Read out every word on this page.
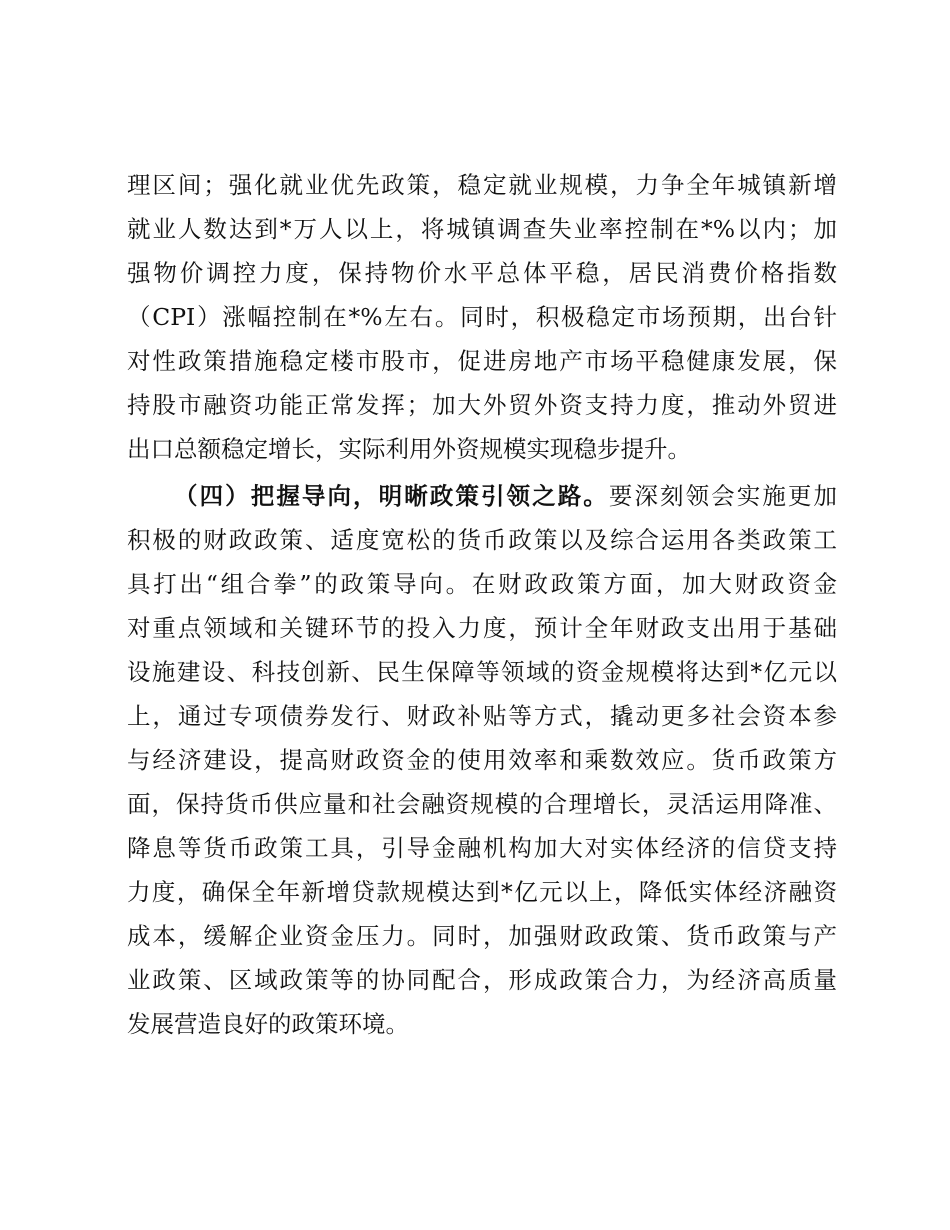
理区间；强化就业优先政策，稳定就业规模，力争全年城镇新增
就业人数达到*万人以上，将城镇调查失业率控制在*%以内；加
强物价调控力度，保持物价水平总体平稳，居民消费价格指数
（CPI）涨幅控制在*%左右。同时，积极稳定市场预期，出台针
对性政策措施稳定楼市股市，促进房地产市场平稳健康发展，保
持股市融资功能正常发挥；加大外贸外资支持力度，推动外贸进
出口总额稳定增长，实际利用外资规模实现稳步提升。
（四）把握导向，明晰政策引领之路。要深刻领会实施更加
积极的财政政策、适度宽松的货币政策以及综合运用各类政策工
具打出“组合拳”的政策导向。在财政政策方面，加大财政资金
对重点领域和关键环节的投入力度，预计全年财政支出用于基础
设施建设、科技创新、民生保障等领域的资金规模将达到*亿元以
上，通过专项债券发行、财政补贴等方式，撬动更多社会资本参
与经济建设，提高财政资金的使用效率和乘数效应。货币政策方
面，保持货币供应量和社会融资规模的合理增长，灵活运用降准、
降息等货币政策工具，引导金融机构加大对实体经济的信贷支持
力度，确保全年新增贷款规模达到*亿元以上，降低实体经济融资
成本，缓解企业资金压力。同时，加强财政政策、货币政策与产
业政策、区域政策等的协同配合，形成政策合力，为经济高质量
发展营造良好的政策环境。
